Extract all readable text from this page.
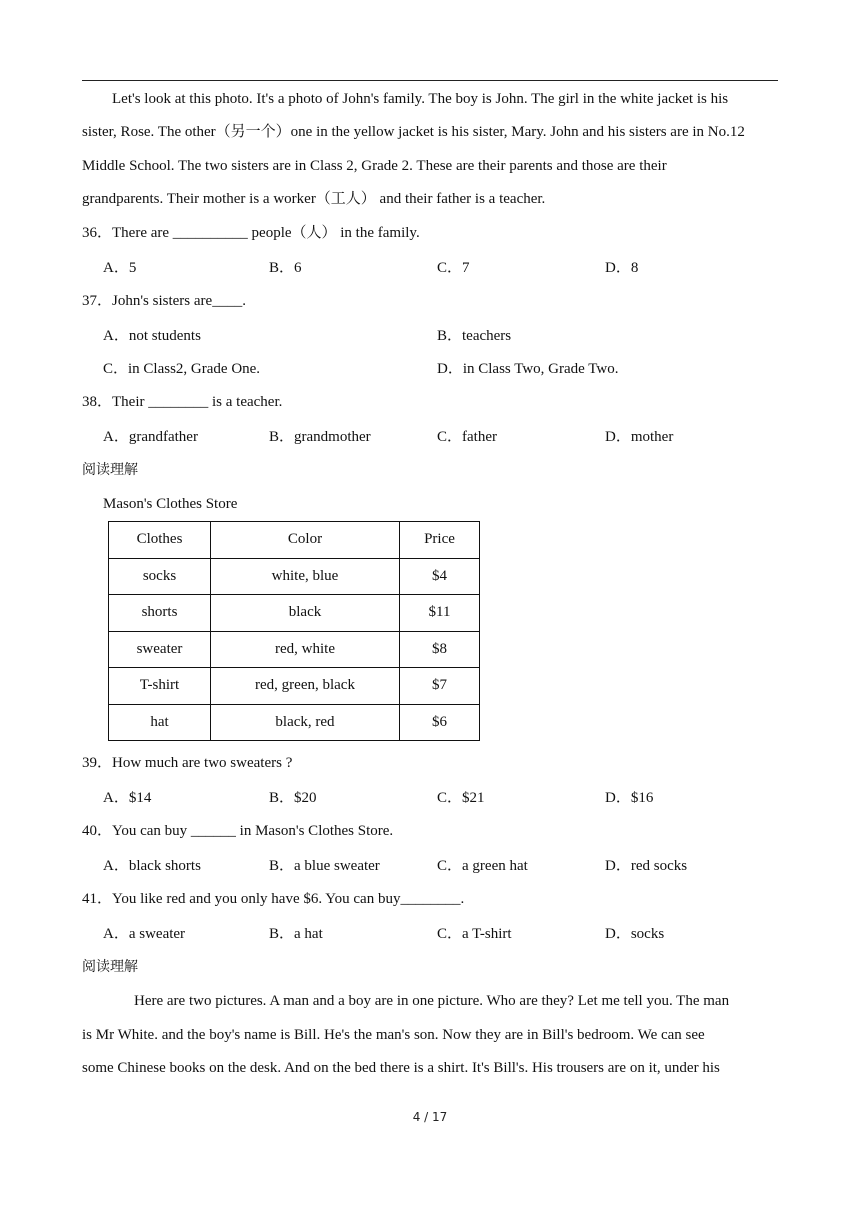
Let's look at this photo. It's a photo of John's family. The boy is John. The girl in the white jacket is his
sister, Rose. The other（另一个）one in the yellow jacket is his sister, Mary. John and his sisters are in No.12
Middle School. The two sisters are in Class 2, Grade 2. These are their parents and those are their
grandparents. Their mother is a worker（工人） and their father is a teacher.
36．There are __________ people（人） in the family.
A．5	B．6	C．7	D．8
37．John's sisters are____.
A．not students	B．teachers
C．in Class2, Grade One.	D．in Class Two, Grade Two.
38．Their ________ is a teacher.
A．grandfather	B．grandmother	C．father	D．mother
阅读理解
Mason's Clothes Store
Clothes	Color	Price
socks	white, blue	$4
shorts	black	$11
sweater	red, white	$8
T-shirt	red, green, black	$7
hat	black, red	$6
39．How much are two sweaters ?
A．$14	B．$20	C．$21	D．$16
40．You can buy ______ in Mason's Clothes Store.
A．black shorts	B．a blue sweater	C．a green hat	D．red socks
41．You like red and you only have $6. You can buy________.
A．a sweater	B．a hat	C．a T-shirt	D．socks
阅读理解
Here are two pictures. A man and a boy are in one picture. Who are they? Let me tell you. The man
is Mr White. and the boy's name is Bill. He's the man's son. Now they are in Bill's bedroom. We can see
some Chinese books on the desk. And on the bed there is a shirt. It's Bill's. His trousers are on it, under his
4 / 17
